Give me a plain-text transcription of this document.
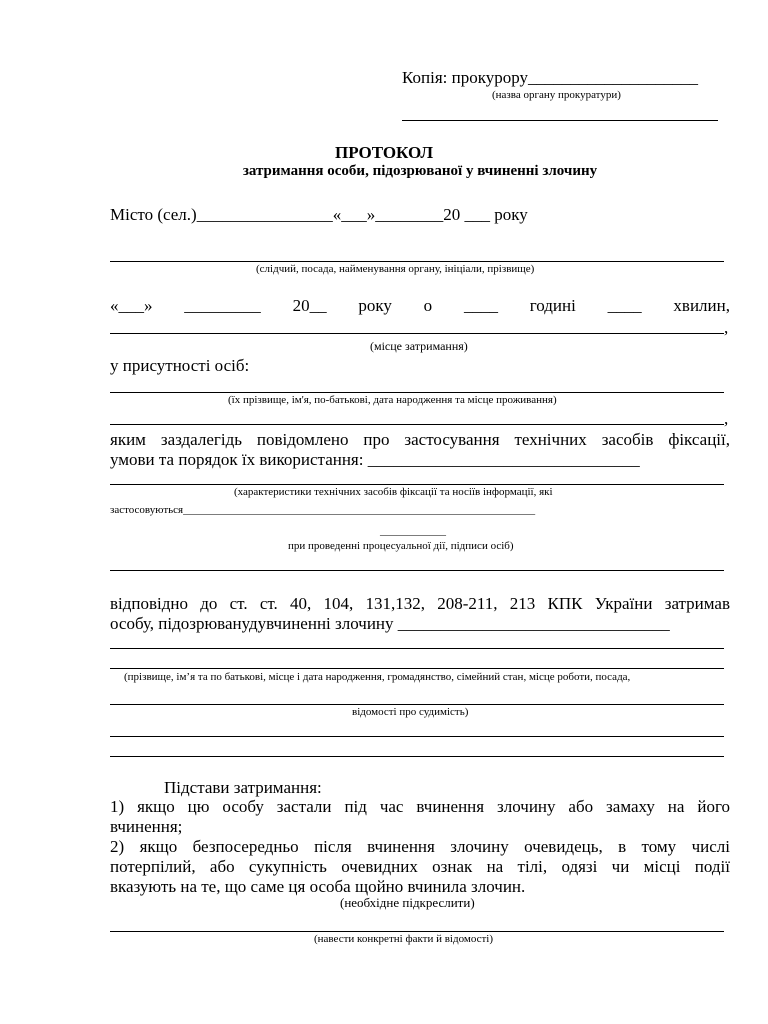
Копія: прокурору____________________
(назва органу прокуратури)
ПРОТОКОЛ
затримання особи, підозрюваної у вчиненні злочину
Місто (сел.)________________«___»________20 ___ року
(слідчий, посада, найменування органу, ініціали, прізвище)
«___» _________ 20__ року о ____ годині ____ хвилин,
,
(місце затримання)
у присутності осіб:
(їх прізвище, ім'я, по-батькові, дата народження та місце проживання)
,
яким заздалегідь повідомлено про застосування технічних засобів фіксації,
умови та порядок їх використання: ________________________________
(характеристики технічних засобів фіксації та носіїв інформації, які
застосовуються________________________________________________________________
____________
при проведенні процесуальної дії, підписи осіб)
відповідно до ст. ст. 40, 104, 131,132, 208-211, 213 КПК України затримав
особу, підозрюванудувчиненні злочину ________________________________
(прізвище, ім’я та по батькові, місце і дата народження, громадянство, сімейний стан, місце роботи, посада,
відомості про судимість)
Підстави затримання:
1) якщо цю особу застали під час вчинення злочину або замаху на його
вчинення;
2) якщо безпосередньо після вчинення злочину очевидець, в тому числі
потерпілий, або сукупність очевидних ознак на тілі, одязі чи місці події
вказують на те, що саме ця особа щойно вчинила злочин.
(необхідне підкреслити)
(навести конкретні факти й відомості)
